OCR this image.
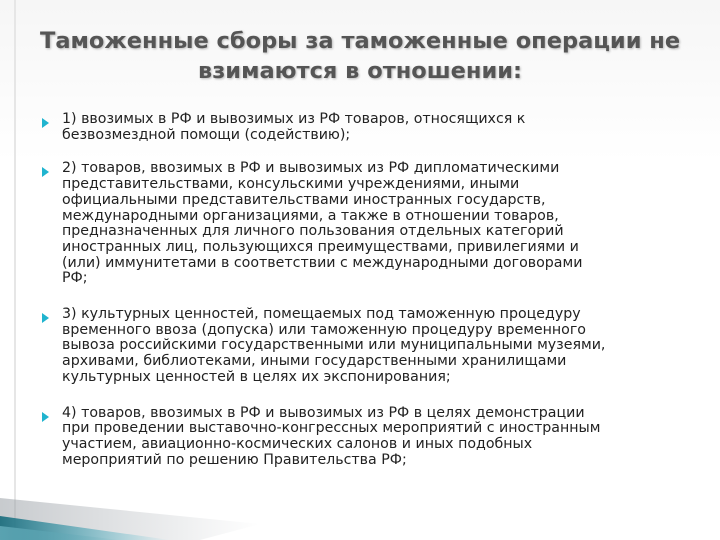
Таможенные сборы за таможенные операции не
взимаются в отношении:
1) ввозимых в РФ и вывозимых из РФ товаров, относящихся к
безвозмездной помощи (содействию);
2) товаров, ввозимых в РФ и вывозимых из РФ дипломатическими
представительствами, консульскими учреждениями, иными
официальными представительствами иностранных государств,
международными организациями, а также в отношении товаров,
предназначенных для личного пользования отдельных категорий
иностранных лиц, пользующихся преимуществами, привилегиями и
(или) иммунитетами в соответствии с международными договорами
РФ;
3) культурных ценностей, помещаемых под таможенную процедуру
временного ввоза (допуска) или таможенную процедуру временного
вывоза российскими государственными или муниципальными музеями,
архивами, библиотеками, иными государственными хранилищами
культурных ценностей в целях их экспонирования;
4) товаров, ввозимых в РФ и вывозимых из РФ в целях демонстрации
при проведении выставочно-конгрессных мероприятий с иностранным
участием, авиационно-космических салонов и иных подобных
мероприятий по решению Правительства РФ;
